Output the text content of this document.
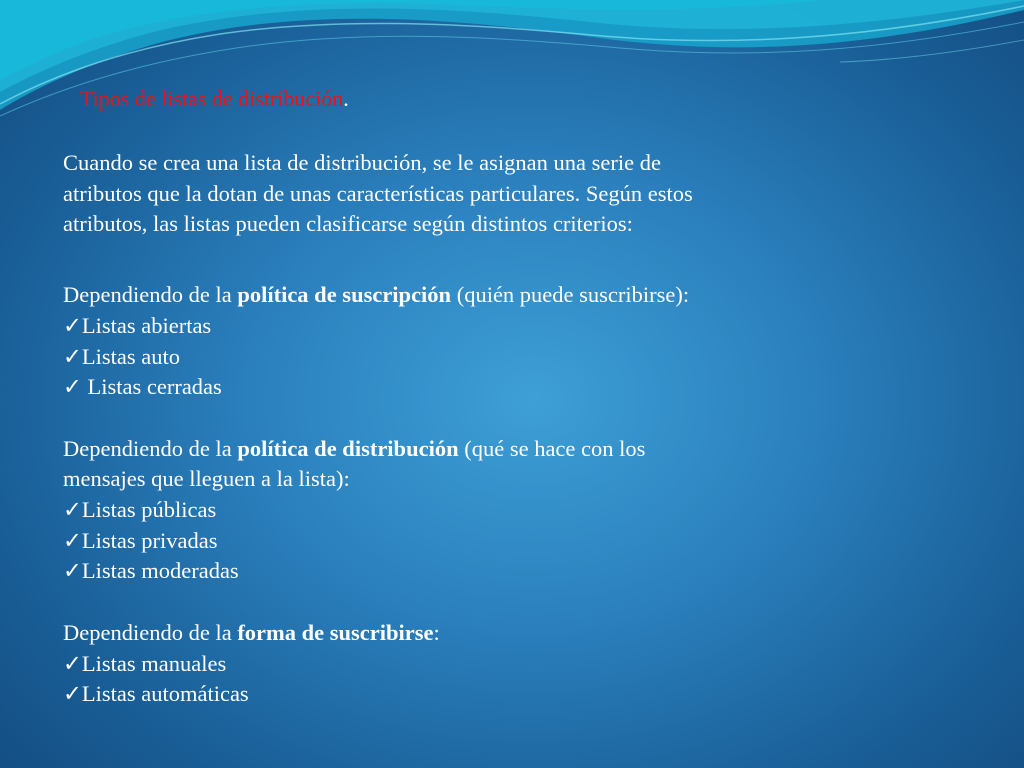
Tipos de listas de distribución.
Cuando se crea una lista de distribución, se le asignan una serie de
atributos que la dotan de unas características particulares. Según estos
atributos, las listas pueden clasificarse según distintos criterios:
Dependiendo de la política de suscripción (quién puede suscribirse):
✓Listas abiertas
✓Listas auto
✓ Listas cerradas
Dependiendo de la política de distribución (qué se hace con los
mensajes que lleguen a la lista):
✓Listas públicas
✓Listas privadas
✓Listas moderadas
Dependiendo de la forma de suscribirse:
✓Listas manuales
✓Listas automáticas
